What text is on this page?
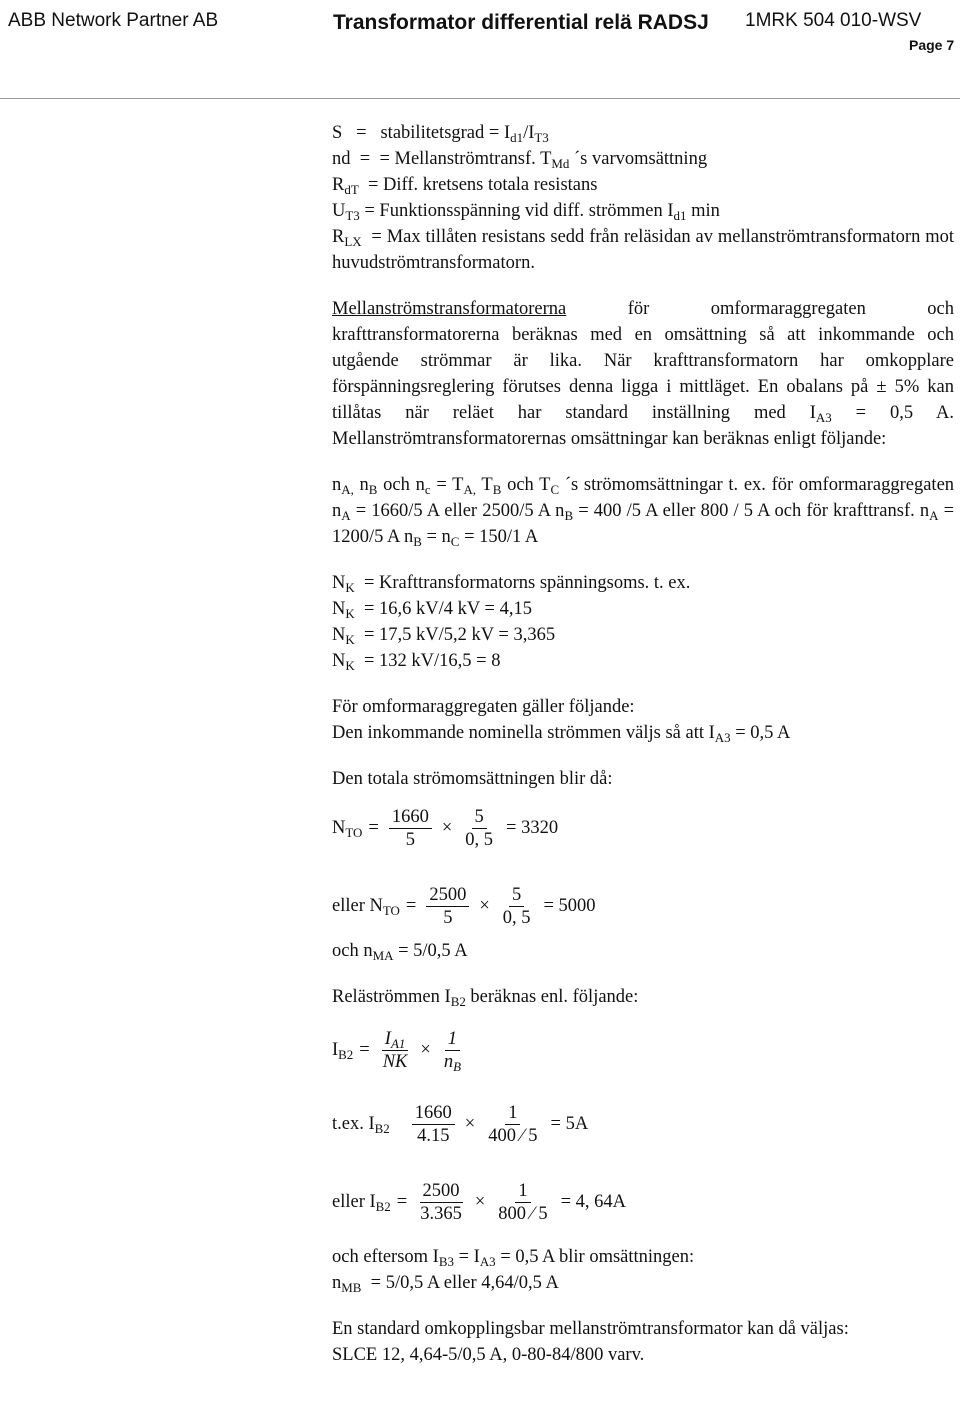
ABB Network Partner AB	Transformator differential relä RADSJ 1MRK 504 010-WSV
Page 7

S   =   stabilitetsgrad = $I_{d1}/I_{T3}$

nd  =  = Mellanströmtransf. $T_{Md}$ ´s varvomsättning

$R_{dT}$ = Diff. kretsens totala resistans

$U_{T3}$ = Funktionsspänning vid diff. strömmen $I_{d1}$ min

$R_{LX}$ = Max tillåten resistans sedd från reläsidan av mellanströmtransformatorn mot huvudströmtransformatorn.

Mellanströmstransformatorerna för omformaraggregaten och krafttransformatorerna beräknas med en omsättning så att inkommande och utgående strömmar är lika. När krafttransformatorn har omkopplare förspänningsreglering förutses denna ligga i mittläget. En obalans på ± 5% kan tillåtas när reläet har standard inställning med $I_{A3} = 0,5$ A. Mellanströmtransformatorernas omsättningar kan beräknas enligt följande:

$n_{A,}$ $n_B$ och $n_c = T_{A,}$ $T_B$ och $T_C$ ´s strömomsättningar t. ex. för omformaraggregaten $n_A = 1660/5$ A eller 2500/5 A $n_B = 400$ /5 A eller 800 / 5 A och för krafttransf. $n_A = 1200/5$ A $n_B = n_C = 150/1$ A

$N_K$ = Krafttransformatorns spänningsoms. t. ex.

$N_K = 16,6$ kV/4 kV = 4,15

$N_K = 17,5$ kV/5,2 kV = 3,365

$N_K = 132$ kV/16,5 = 8

För omformaraggregaten gäller följande:

Den inkommande nominella strömmen väljs så att $I_{A3} = 0,5$ A

Den totala strömomsättningen blir då:

$N_{TO} = \frac{1660}{5} \times \frac{5}{0, 5} = 3320$
eller $N_{TO} = \frac{2500}{5} \times \frac{5}{0, 5} = 5000$

och $n_{MA} = 5/0,5$ A

Reläströmmen $I_{B2}$ beräknas enl. följande:

$I_{B2} = \frac{I_{A1}}{NK} \times \frac{1}{n_B}$
t.ex. $I_{B2} \frac{1660}{4.15} \times \frac{1}{400 ⁄ 5} = 5A$
eller $I_{B2} = \frac{2500}{3.365} \times \frac{1}{800 ⁄ 5} = 4$, 64A

och eftersom $I_{B3} = I_{A3} = 0,5$ A blir omsättningen:

$n_{MB} = 5/0,5$ A eller 4,64/0,5 A

En standard omkopplingsbar mellanströmtransformator kan då väljas:

SLCE 12, 4,64-5/0,5 A, 0-80-84/800 varv.
